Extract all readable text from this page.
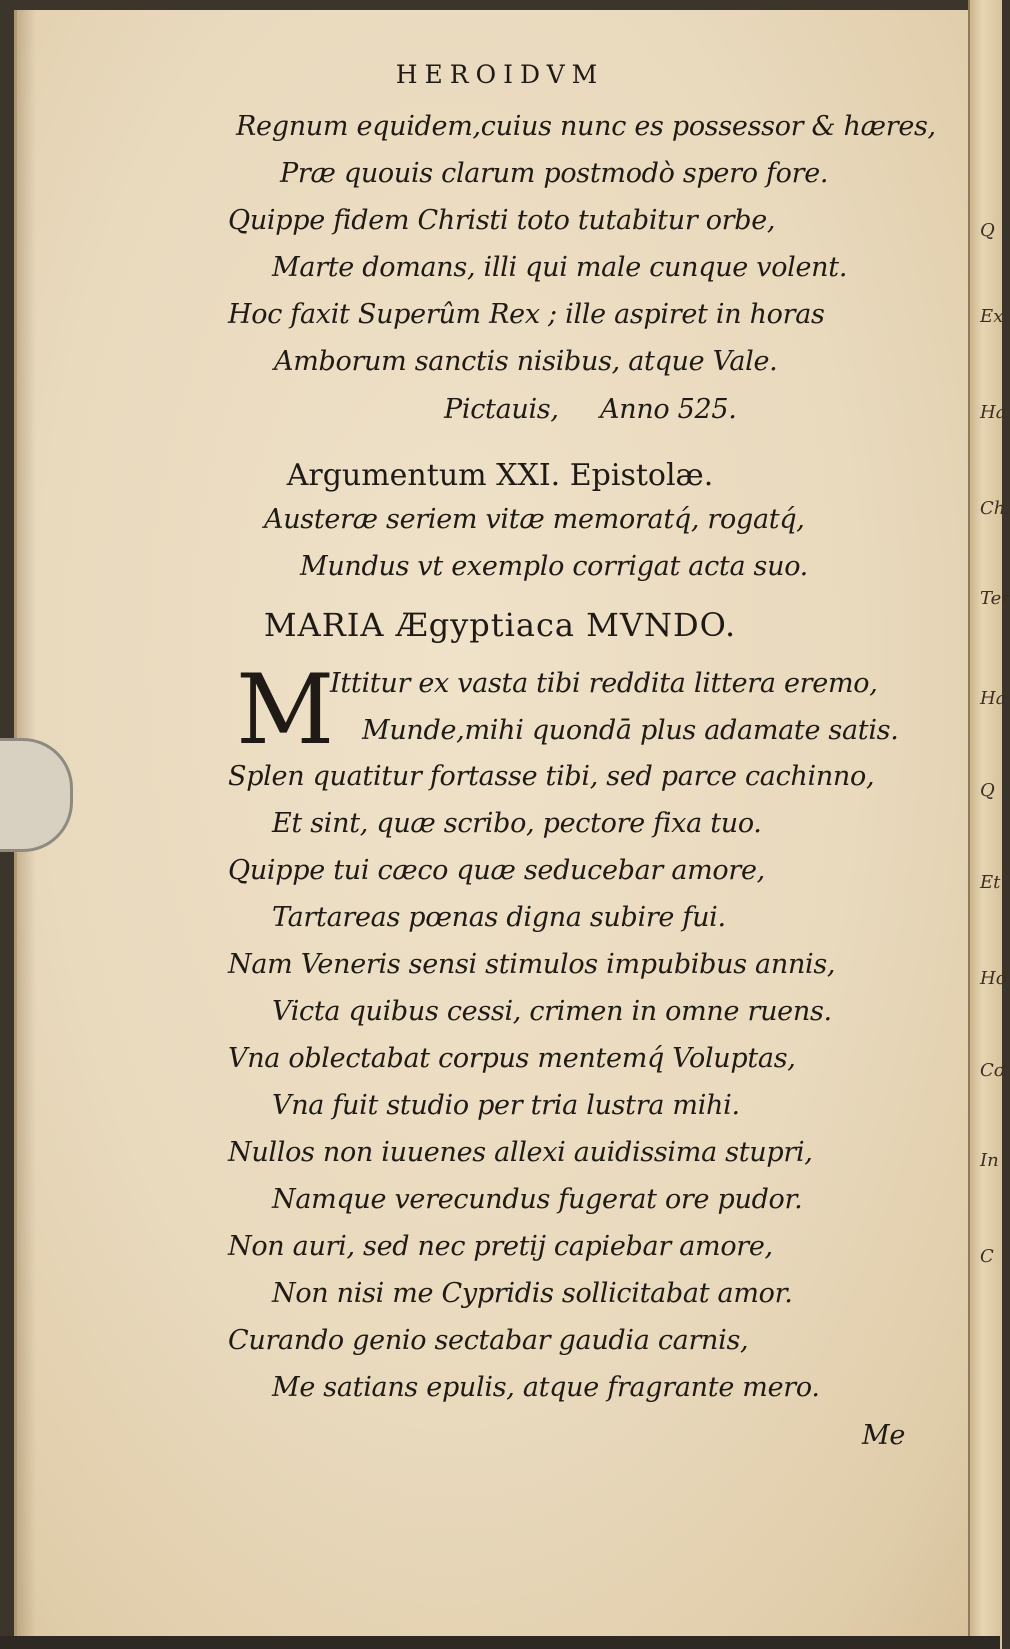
HEROIDVM
Regnum equidem,cuius nunc es possessor & hæres,
Præ quouis clarum postmodò spero fore.
Quippe fidem Christi toto tutabitur orbe,
Marte domans, illi qui male cunque volent.
Hoc faxit Superûm Rex ; ille aspiret in horas
Amborum sanctis nisibus, atque Vale.
Pictauis,     Anno 525.
Argumentum XXI. Epistolæ.
Austeræ seriem vitæ memoratq́, rogatq́,
Mundus vt exemplo corrigat acta suo.
MARIA Ægyptiaca MVNDO.
M
Ittitur ex vasta tibi reddita littera eremo,
Munde,mihi quondā plus adamate satis.
Splen quatitur fortasse tibi, sed parce cachinno,
Et sint, quæ scribo, pectore fixa tuo.
Quippe tui cæco quæ seducebar amore,
Tartareas pœnas digna subire fui.
Nam Veneris sensi stimulos impubibus annis,
Victa quibus cessi, crimen in omne ruens.
Vna oblectabat corpus mentemq́ Voluptas,
Vna fuit studio per tria lustra mihi.
Nullos non iuuenes allexi auidissima stupri,
Namque verecundus fugerat ore pudor.
Non auri, sed nec pretij capiebar amore,
Non nisi me Cypridis sollicitabat amor.
Curando genio sectabar gaudia carnis,
Me satians epulis, atque fragrante mero.
Me
Q
Ex
Ha
Ch
Ter
Ha
Q
Et
Ho
Co
In
C
